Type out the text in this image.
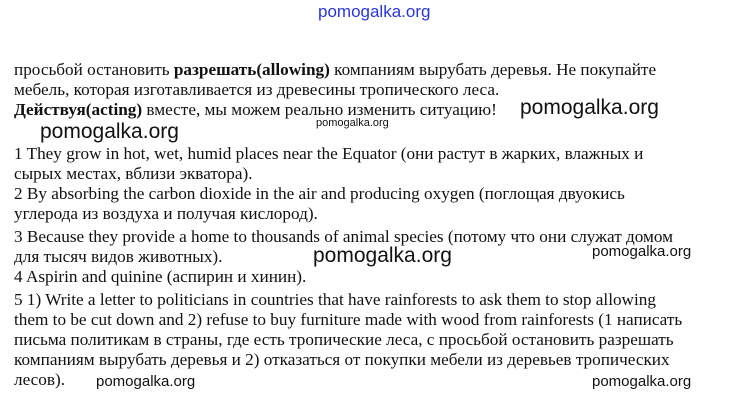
pomogalka.org
просьбой остановить разрешать(allowing) компаниям вырубать деревья. Не покупайте
мебель, которая изготавливается из древесины тропического леса.
Действуя(acting) вместе, мы можем реально изменить ситуацию! pomogalka.org
pomogalka.org
pomogalka.org
1 They grow in hot, wet, humid places near the Equator (они растут в жарких, влажных и
сырых местах, вблизи экватора).
2 By absorbing the carbon dioxide in the air and producing oxygen (поглощая двуокись
углерода из воздуха и получая кислород).
3 Because they provide a home to thousands of animal species (потому что они служат домом
для тысяч видов животных).	pomogalka.org	pomogalka.org
4 Aspirin and quinine (аспирин и хинин).
5 1) Write a letter to politicians in countries that have rainforests to ask them to stop allowing
them to be cut down and 2) refuse to buy furniture made with wood from rainforests (1 написать
письма политикам в страны, где есть тропические леса, с просьбой остановить разрешать
компаниям вырубать деревья и 2) отказаться от покупки мебели из деревьев тропических
лесов). pomogalka.org	pomogalka.org
